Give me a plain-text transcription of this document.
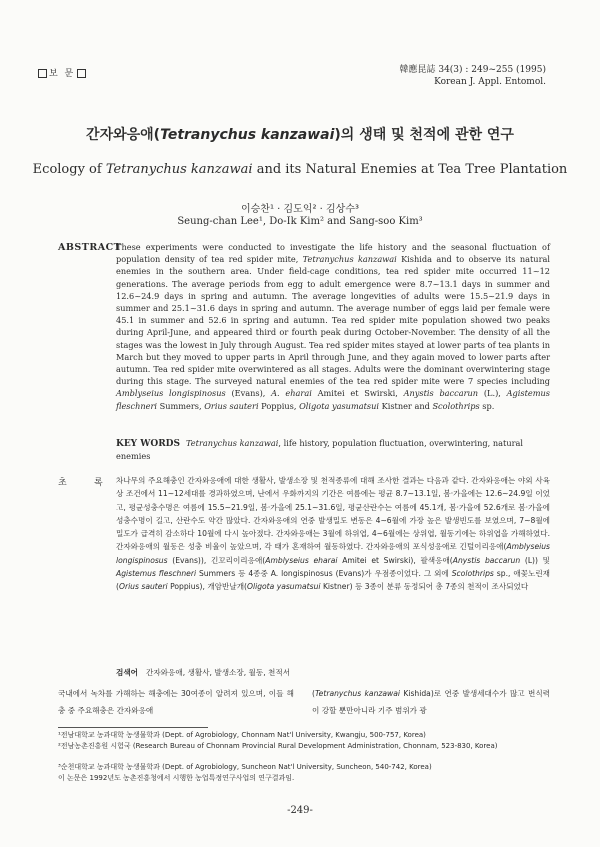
보 문	韓應昆誌 34(3) : 249~255 (1995)
Korean J. Appl. Entomol.
간자와응애(Tetranychus kanzawai)의 생태 및 천적에 관한 연구
Ecology of Tetranychus kanzawai and its Natural Enemies at Tea Tree Plantation
이승찬¹ · 김도익² · 김상수³
Seung-chan Lee¹, Do-Ik Kim² and Sang-soo Kim³
ABSTRACT
These experiments were conducted to investigate the life history and the seasonal fluctuation of population density of tea red spider mite, Tetranychus kanzawai Kishida and to observe its natural enemies in the southern area. Under field-cage conditions, tea red spider mite occurred 11~12 generations. The average periods from egg to adult emergence were 8.7~13.1 days in summer and 12.6~24.9 days in spring and autumn. The average longevities of adults were 15.5~21.9 days in summer and 25.1~31.6 days in spring and autumn. The average number of eggs laid per female were 45.1 in summer and 52.6 in spring and autumn. Tea red spider mite population showed two peaks during April-June, and appeared third or fourth peak during October-November. The density of all the stages was the lowest in July through August. Tea red spider mites stayed at lower parts of tea plants in March but they moved to upper parts in April through June, and they again moved to lower parts after autumn. Tea red spider mite overwintered as all stages. Adults were the dominant overwintering stage during this stage. The surveyed natural enemies of the tea red spider mite were 7 species including Amblyseius longispinosus (Evans), A. eharai Amitei et Swirski, Anystis baccarun (L.), Agistemus fleschneri Summers, Orius sauteri Poppius, Oligota yasumatsui Kistner and Scolothrips sp.
KEY WORDS Tetranychus kanzawai, life history, population fluctuation, overwintering, natural enemies
초	록 차나무의 주요해충인 간자와응애에 대한 생활사, 발생소장 및 천적종류에 대해 조사한 결과는 다음과 같다. 간자와응애는 야외 사육상 조건에서 11~12세대를 경과하였으며, 난에서 우화까지의 기간은 여름에는 평균 8.7~13.1일, 봄·가을에는 12.6~24.9일 이었고, 평균성충수명은 여름에 15.5~21.9일, 봄·가을에 25.1~31.6일, 평균산란수는 여름에 45.1개, 봄·가을에 52.6개로 봄·가을에 성충수명이 길고, 산란수도 약간 많았다. 간자와응애의 연중 발생밀도 변동은 4~6월에 가장 높은 발생빈도를 보였으며, 7~8월에 밀도가 급격히 감소하다 10월에 다시 높아졌다. 간자와응애는 3월에 하위엽, 4~6월에는 상위엽, 월동기에는 하위엽을 가해하였다. 간자와응애의 월동은 성충 비율이 높았으며, 각 태가 혼재하여 월동하였다. 간자와응애의 포식성응애로 긴털이리응애(Amblyseius longispinosus (Evans)), 긴꼬리이리응애(Amblyseius eharai Amitei et Swirski), 팔색응애(Anystis baccarun (L)) 및 Agistemus fleschneri Summers 등 4종중 A. longispinosus (Evans)가 우점종이었다. 그 외에 Scolothrips sp., 애꽃노린재(Orius sauteri Poppius), 개암반날개(Oligota yasumatsui Kistner) 등 3종이 분류 동정되어 총 7종의 천적이 조사되었다
검색어 간자와응애, 생활사, 발생소장, 월동, 천적서
국내에서 녹차를 가해하는 해충에는 30여종이 알려져 있으며, 이들 해충 중 주요해충은 간자와응애
(Tetranychus kanzawai Kishida)로 연중 발생세대수가 많고 번식력이 강할 뿐만아니라 기주 범위가 광
¹전남대학교 농과대학 농생물학과 (Dept. of Agrobiology, Chonnam Nat'l University, Kwangju, 500-757, Korea)
²전남농촌진흥원 시험국 (Research Bureau of Chonnam Provincial Rural Development Administration, Chonnam, 523-830, Korea)
³순천대학교 농과대학 농생물학과 (Dept. of Agrobiology, Suncheon Nat'l University, Suncheon, 540-742, Korea)
이 논문은 1992년도 농촌진흥청에서 시행한 농업특정연구사업의 연구결과임.
-249-
